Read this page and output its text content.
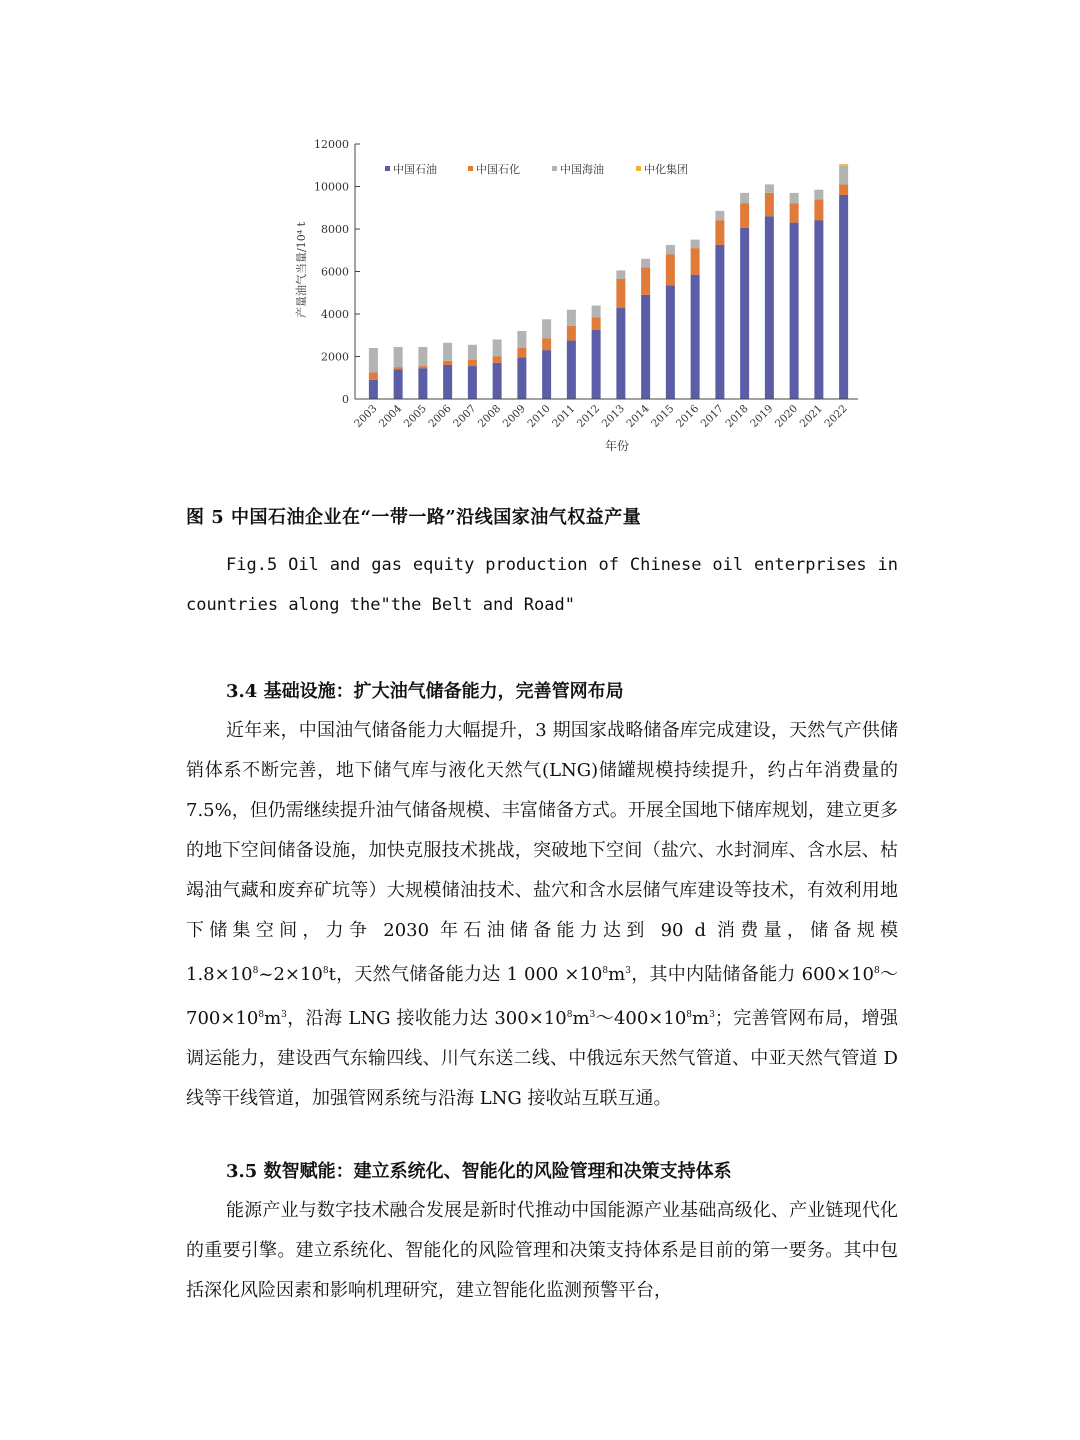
0
2000
4000
6000
8000
10000
12000
2003
2004
2005
2006
2007
2008
2009
2010
2011
2012
2013
2014
2015
2016
2017
2018
2019
2020
2021
2022
中国石油	中国石化	中国海油	中化集团
产量油气当量/10⁴ t
年份
图 5 中国石油企业在“一带一路”沿线国家油气权益产量
Fig.5 Oil and gas equity production of Chinese oil enterprises in countries along the"the Belt and Road"
3.4 基础设施：扩大油气储备能力，完善管网布局
近年来，中国油气储备能力大幅提升，3 期国家战略储备库完成建设，天然气产供储销体系不断完善，地下储气库与液化天然气(LNG)储罐规模持续提升，约占年消费量的 7.5%，但仍需继续提升油气储备规模、丰富储备方式。开展全国地下储库规划，建立更多的地下空间储备设施，加快克服技术挑战，突破地下空间（盐穴、水封洞库、含水层、枯竭油气藏和废弃矿坑等）大规模储油技术、盐穴和含水层储气库建设等技术，有效利用地下储集空间，力争 2030 年石油储备能力达到 90 d 消费量，储备规模 $1.8\times 10^8\sim 2\times 10^8t$，天然气储备能力达 1 $000 \times 10^8m^3$，其中内陆储备能力 $600\times 10^8\sim 700\times 10^8m^3$，沿海 LNG 接收能力达 $300\times 10^8m^3\sim 400\times 10^8m^3$；完善管网布局，增强调运能力，建设西气东输四线、川气东送二线、中俄远东天然气管道、中亚天然气管道 D 线等干线管道，加强管网系统与沿海 LNG 接收站互联互通。
3.5 数智赋能：建立系统化、智能化的风险管理和决策支持体系
能源产业与数字技术融合发展是新时代推动中国能源产业基础高级化、产业链现代化的重要引擎。建立系统化、智能化的风险管理和决策支持体系是目前的第一要务。其中包括深化风险因素和影响机理研究，建立智能化监测预警平台，
